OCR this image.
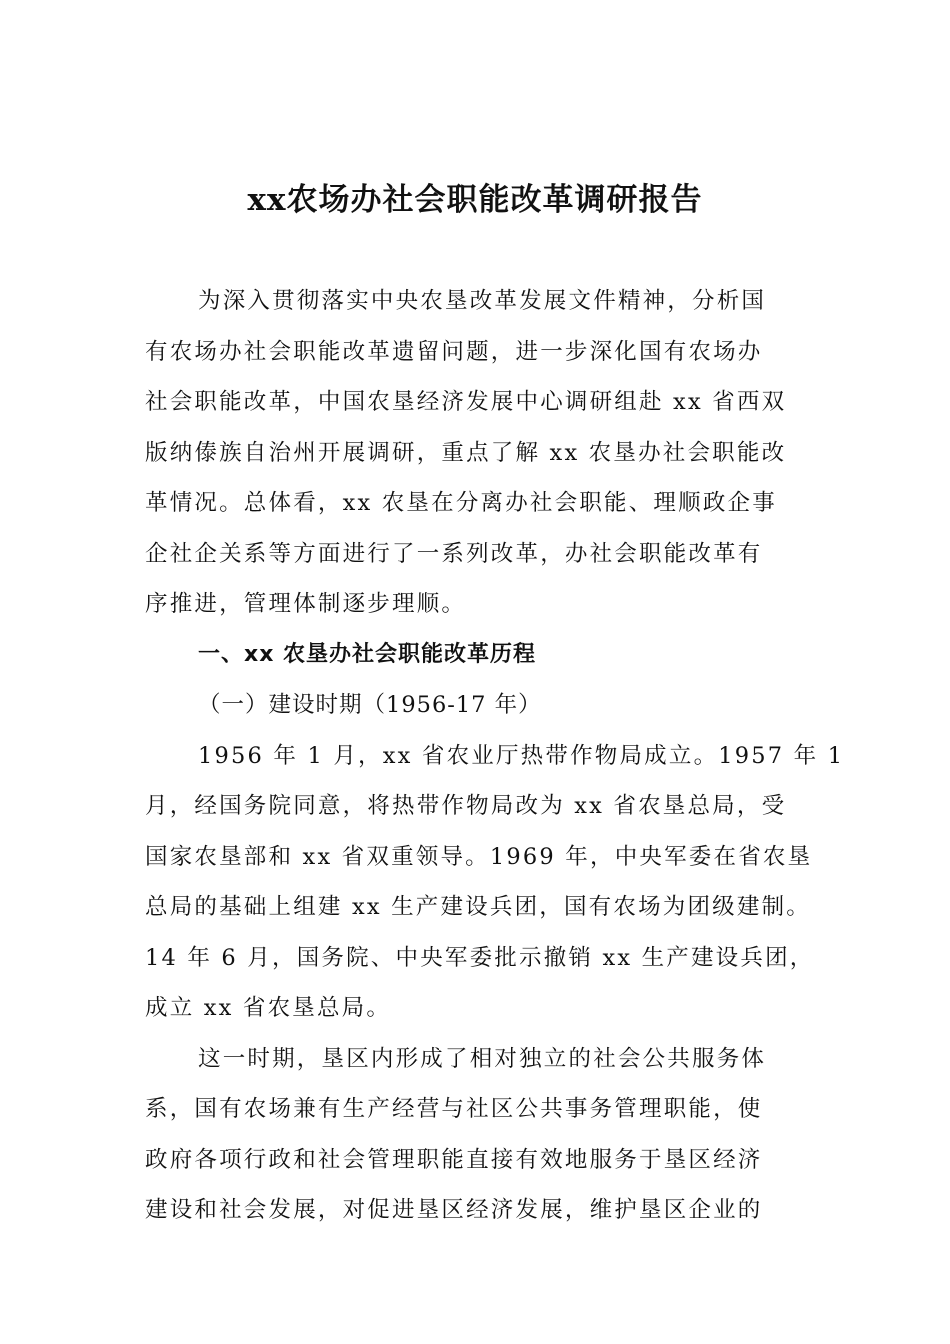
xx农场办社会职能改革调研报告
为深入贯彻落实中央农垦改革发展文件精神，分析国
有农场办社会职能改革遗留问题，进一步深化国有农场办
社会职能改革，中国农垦经济发展中心调研组赴 xx 省西双
版纳傣族自治州开展调研，重点了解 xx 农垦办社会职能改
革情况。总体看，xx 农垦在分离办社会职能、理顺政企事
企社企关系等方面进行了一系列改革，办社会职能改革有
序推进，管理体制逐步理顺。
一、xx 农垦办社会职能改革历程
（一）建设时期（1956-17 年）
1956 年 1 月，xx 省农业厅热带作物局成立。1957 年 1
月，经国务院同意，将热带作物局改为 xx 省农垦总局，受
国家农垦部和 xx 省双重领导。1969 年，中央军委在省农垦
总局的基础上组建 xx 生产建设兵团，国有农场为团级建制。
14 年 6 月，国务院、中央军委批示撤销 xx 生产建设兵团，
成立 xx 省农垦总局。
这一时期，垦区内形成了相对独立的社会公共服务体
系，国有农场兼有生产经营与社区公共事务管理职能，使
政府各项行政和社会管理职能直接有效地服务于垦区经济
建设和社会发展，对促进垦区经济发展，维护垦区企业的
